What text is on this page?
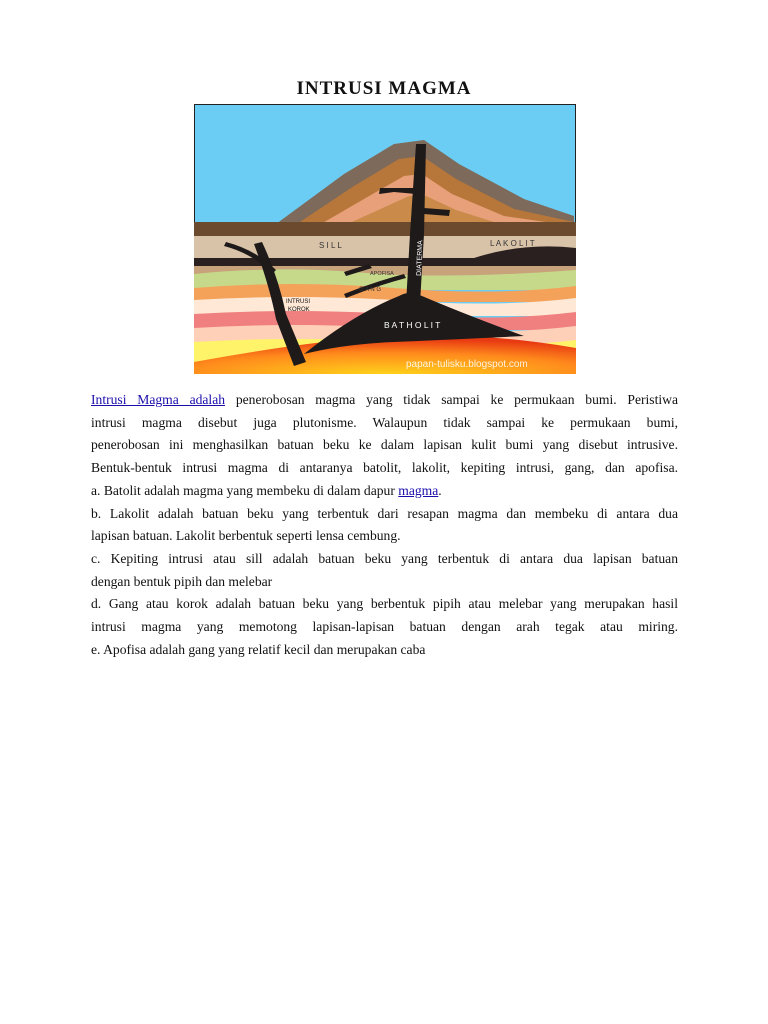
INTRUSI MAGMA
S I L L	L A K O L I T
DIATERMA
APOFISA
G A N G
INTRUSI
KOROK
B A T H O L I T
papan-tulisku.blogspot.com

Intrusi Magma adalah penerobosan magma yang tidak sampai ke permukaan bumi. Peristiwa

intrusi magma disebut juga plutonisme. Walaupun tidak sampai ke permukaan bumi,

penerobosan ini menghasilkan batuan beku ke dalam lapisan kulit bumi yang disebut intrusive.

Bentuk-bentuk intrusi magma di antaranya batolit, lakolit, kepiting intrusi, gang, dan apofisa.

a. Batolit adalah magma yang membeku di dalam dapur magma.

b. Lakolit adalah batuan beku yang terbentuk dari resapan magma dan membeku di antara dua

lapisan batuan. Lakolit berbentuk seperti lensa cembung.

c. Kepiting intrusi atau sill adalah batuan beku yang terbentuk di antara dua lapisan batuan

dengan bentuk pipih dan melebar

d. Gang atau korok adalah batuan beku yang berbentuk pipih atau melebar yang merupakan hasil

intrusi magma yang memotong lapisan-lapisan batuan dengan arah tegak atau miring.

e. Apofisa adalah gang yang relatif kecil dan merupakan caba
